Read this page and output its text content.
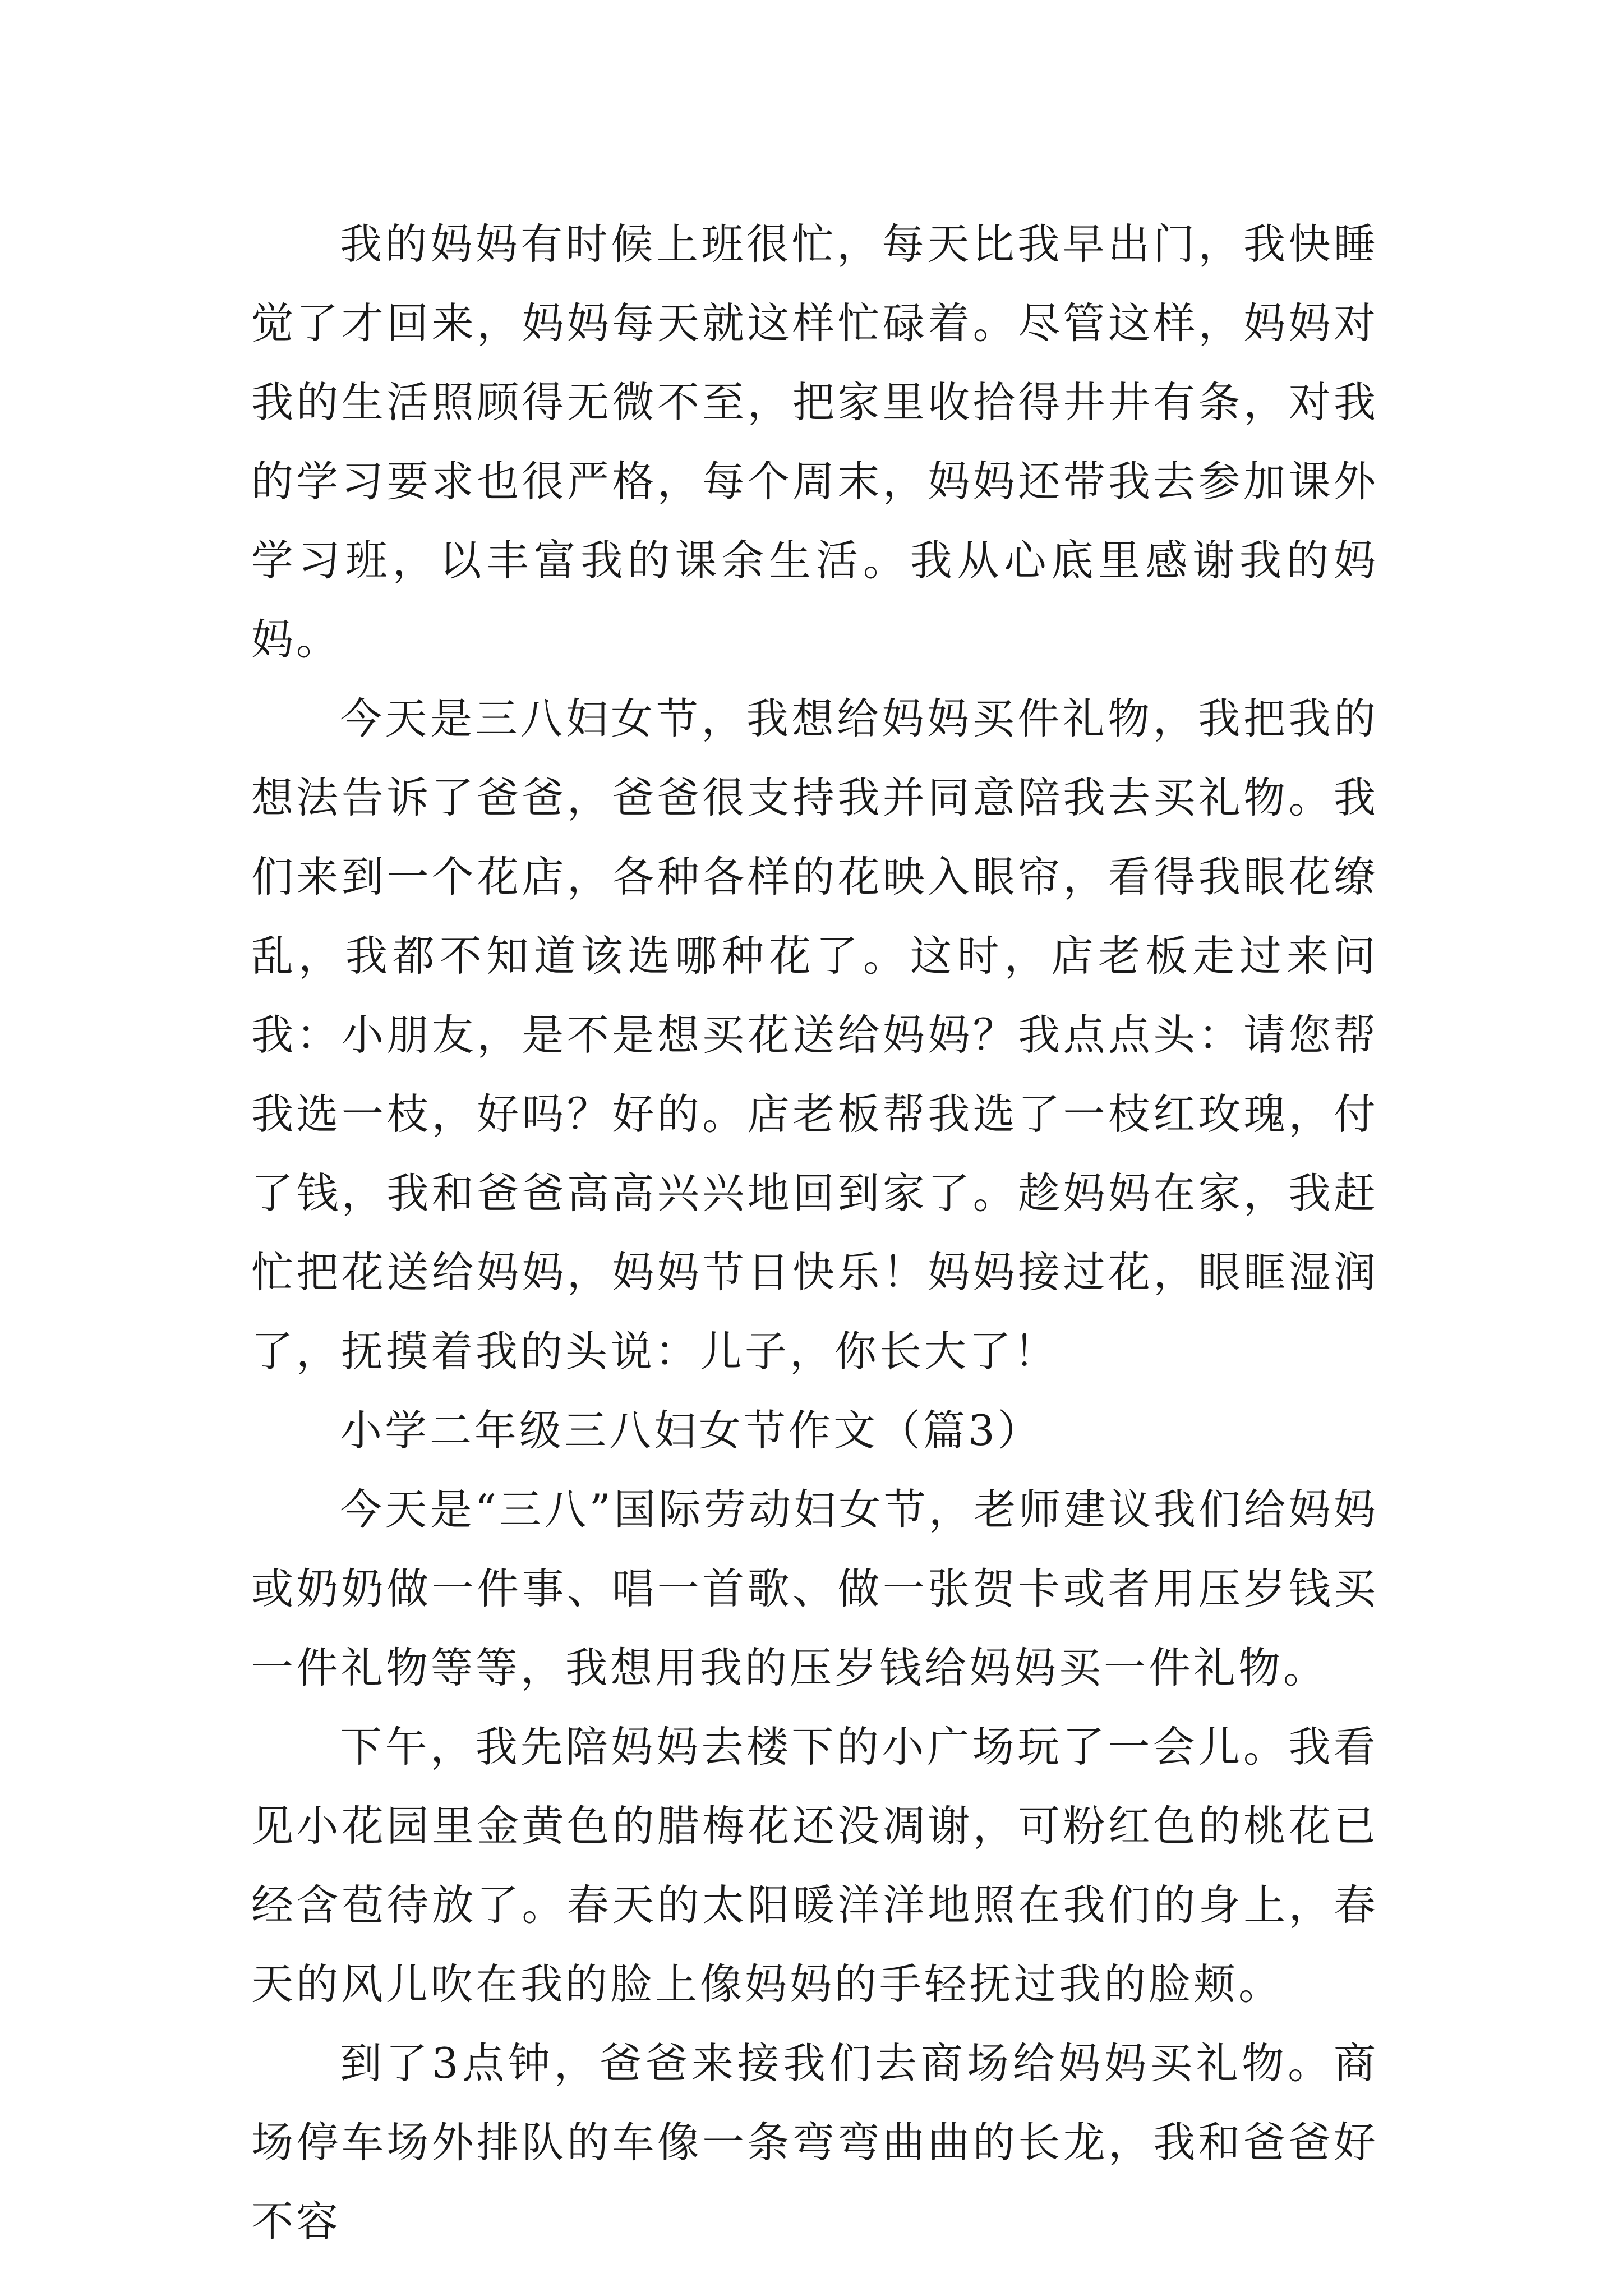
我的妈妈有时候上班很忙，每天比我早出门，我快睡觉了才回来，妈妈每天就这样忙碌着。尽管这样，妈妈对我的生活照顾得无微不至，把家里收拾得井井有条，对我的学习要求也很严格，每个周末，妈妈还带我去参加课外学习班，以丰富我的课余生活。我从心底里感谢我的妈妈。

今天是三八妇女节，我想给妈妈买件礼物，我把我的想法告诉了爸爸，爸爸很支持我并同意陪我去买礼物。我们来到一个花店，各种各样的花映入眼帘，看得我眼花缭乱，我都不知道该选哪种花了。这时，店老板走过来问我：小朋友，是不是想买花送给妈妈？我点点头：请您帮我选一枝，好吗？好的。店老板帮我选了一枝红玫瑰，付了钱，我和爸爸高高兴兴地回到家了。趁妈妈在家，我赶忙把花送给妈妈，妈妈节日快乐！妈妈接过花，眼眶湿润了，抚摸着我的头说：儿子，你长大了！

小学二年级三八妇女节作文（篇3）

今天是“三八”国际劳动妇女节，老师建议我们给妈妈或奶奶做一件事、唱一首歌、做一张贺卡或者用压岁钱买一件礼物等等，我想用我的压岁钱给妈妈买一件礼物。

下午，我先陪妈妈去楼下的小广场玩了一会儿。我看见小花园里金黄色的腊梅花还没凋谢，可粉红色的桃花已经含苞待放了。春天的太阳暖洋洋地照在我们的身上，春天的风儿吹在我的脸上像妈妈的手轻抚过我的脸颊。

到了3点钟，爸爸来接我们去商场给妈妈买礼物。商场停车场外排队的车像一条弯弯曲曲的长龙，我和爸爸好不容
